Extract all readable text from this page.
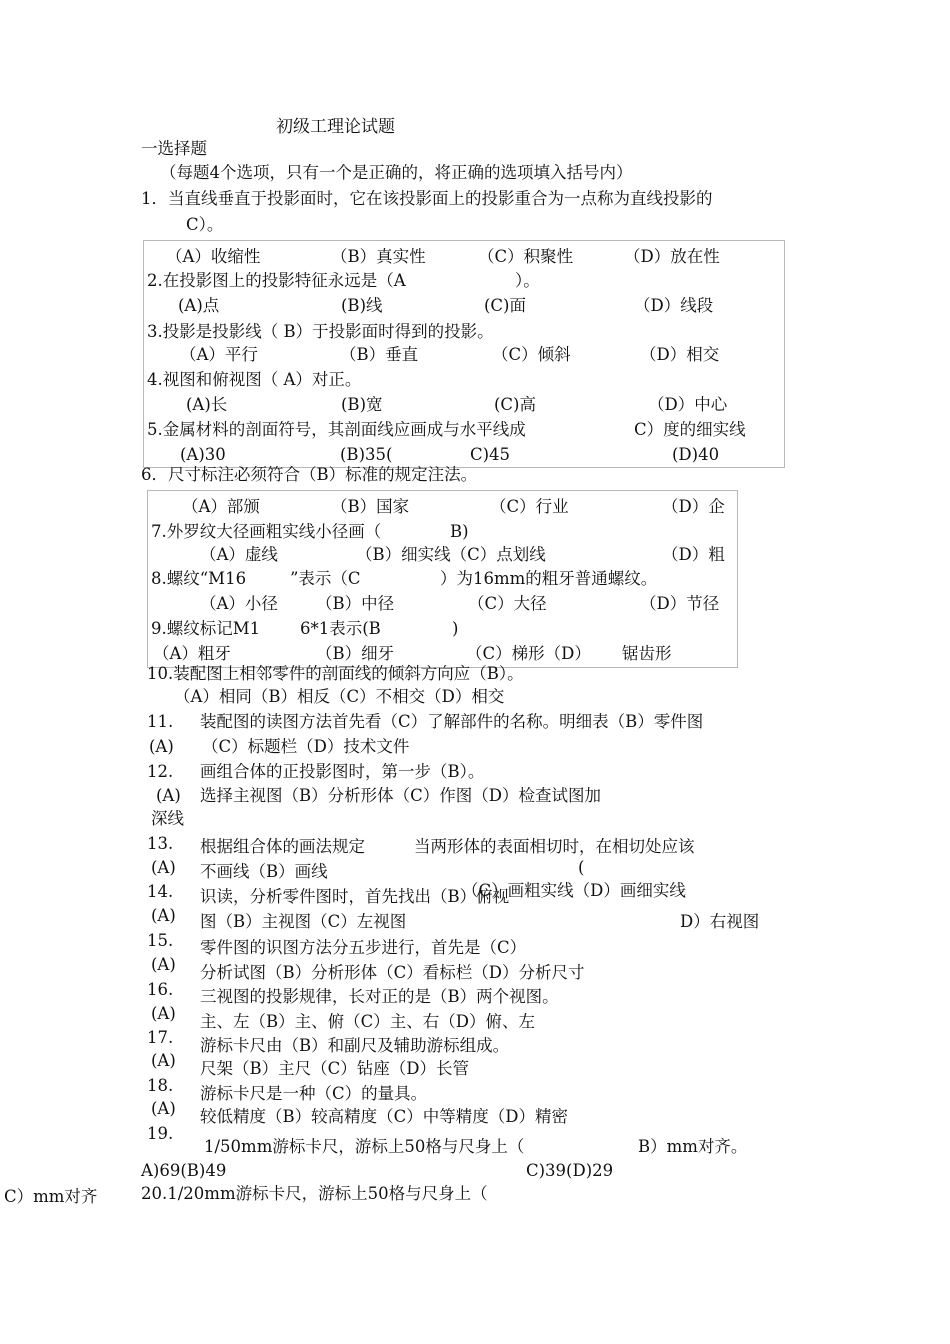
初级工理论试题
一选择题
（每题4个选项，只有一个是正确的，将正确的选项填入括号内）
1．当直线垂直于投影面时，它在该投影面上的投影重合为一点称为直线投影的
C）。
（A）收缩性	（B）真实性	（C）积聚性	（D）放在性
2.在投影图上的投影特征永远是（A	）。
(A)点	(B)线	(C)面	（D）线段
3.投影是投影线（ B）于投影面时得到的投影。
（A）平行	（B）垂直	（C）倾斜	（D）相交
4.视图和俯视图（ A）对正。
(A)长	(B)宽	(C)高	（D）中心
5.金属材料的剖面符号，其剖面线应画成与水平线成	C）度的细实线
(A)30	(B)35(	C)45	(D)40
6．尺寸标注必须符合（B）标准的规定注法。
（A）部颁	（B）国家	（C）行业	（D）企
7.外罗纹大径画粗实线小径画（	B)
（A）虚线	（B）细实线（C）点划线	（D）粗
8.螺纹“M16	”表示（C	）为16mm的粗牙普通螺纹。
（A）小径 （B）中径	（C）大径	（D）节径
9.螺纹标记M1 6*1表示(B	)
（A）粗牙	（B）细牙	（C）梯形（D） 锯齿形
10.装配图上相邻零件的剖面线的倾斜方向应（B）。
（A）相同（B）相反（C）不相交（D）相交
11. 装配图的读图方法首先看（C）了解部件的名称。明细表（B）零件图
(A) （C）标题栏（D）技术文件
12. 画组合体的正投影图时，第一步（B）。
(A) 选择主视图（B）分析形体（C）作图（D）检查试图加
深线
13. 根据组合体的画法规定	当两形体的表面相切时，在相切处应该
(A) 不画线（B）画线	(
（C）画粗实线（D）画细实线
14. 识读，分析零件图时，首先找出（B）俯视
(A) 图（B）主视图（C）左视图	D）右视图
15. 零件图的识图方法分五步进行，首先是（C）
(A) 分析试图（B）分析形体（C）看标栏（D）分析尺寸
16. 三视图的投影规律，长对正的是（B）两个视图。
(A) 主、左（B）主、俯（C）主、右（D）俯、左
17. 游标卡尺由（B）和副尺及辅助游标组成。
(A) 尺架（B）主尺（C）钻座（D）长管
18. 游标卡尺是一种（C）的量具。
(A) 较低精度（B）较高精度（C）中等精度（D）精密
19.
1/50mm游标卡尺，游标上50格与尺身上（	B）mm对齐。
A)69(B)49	C)39(D)29
C）mm对齐	20.1/20mm游标卡尺，游标上50格与尺身上（
